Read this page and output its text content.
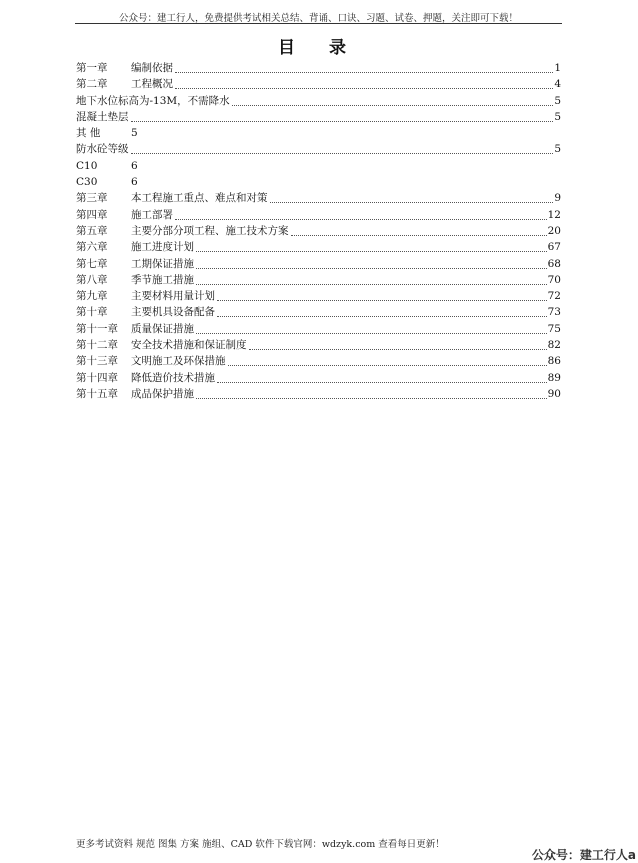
公众号：建工行人，免费提供考试相关总结、背诵、口诀、习题、试卷、押题，关注即可下载！
目 录
第一章	编制依据	1
第二章	工程概况	4
地下水位标高为-13M，不需降水	5
混凝土垫层	5
其 他	5
防水砼等级	5
C10	6
C30	6
第三章	本工程施工重点、难点和对策	9
第四章	施工部署	12
第五章	主要分部分项工程、施工技术方案	20
第六章	施工进度计划	67
第七章	工期保证措施	68
第八章	季节施工措施	70
第九章	主要材料用量计划	72
第十章	主要机具设备配备	73
第十一章	质量保证措施	75
第十二章	安全技术措施和保证制度	82
第十三章	文明施工及环保措施	86
第十四章	降低造价技术措施	89
第十五章	成品保护措施	90
更多考试资料 规范 图集 方案 施组、CAD 软件下载官网：wdzyk.com 查看每日更新！
公众号：建工行人a
